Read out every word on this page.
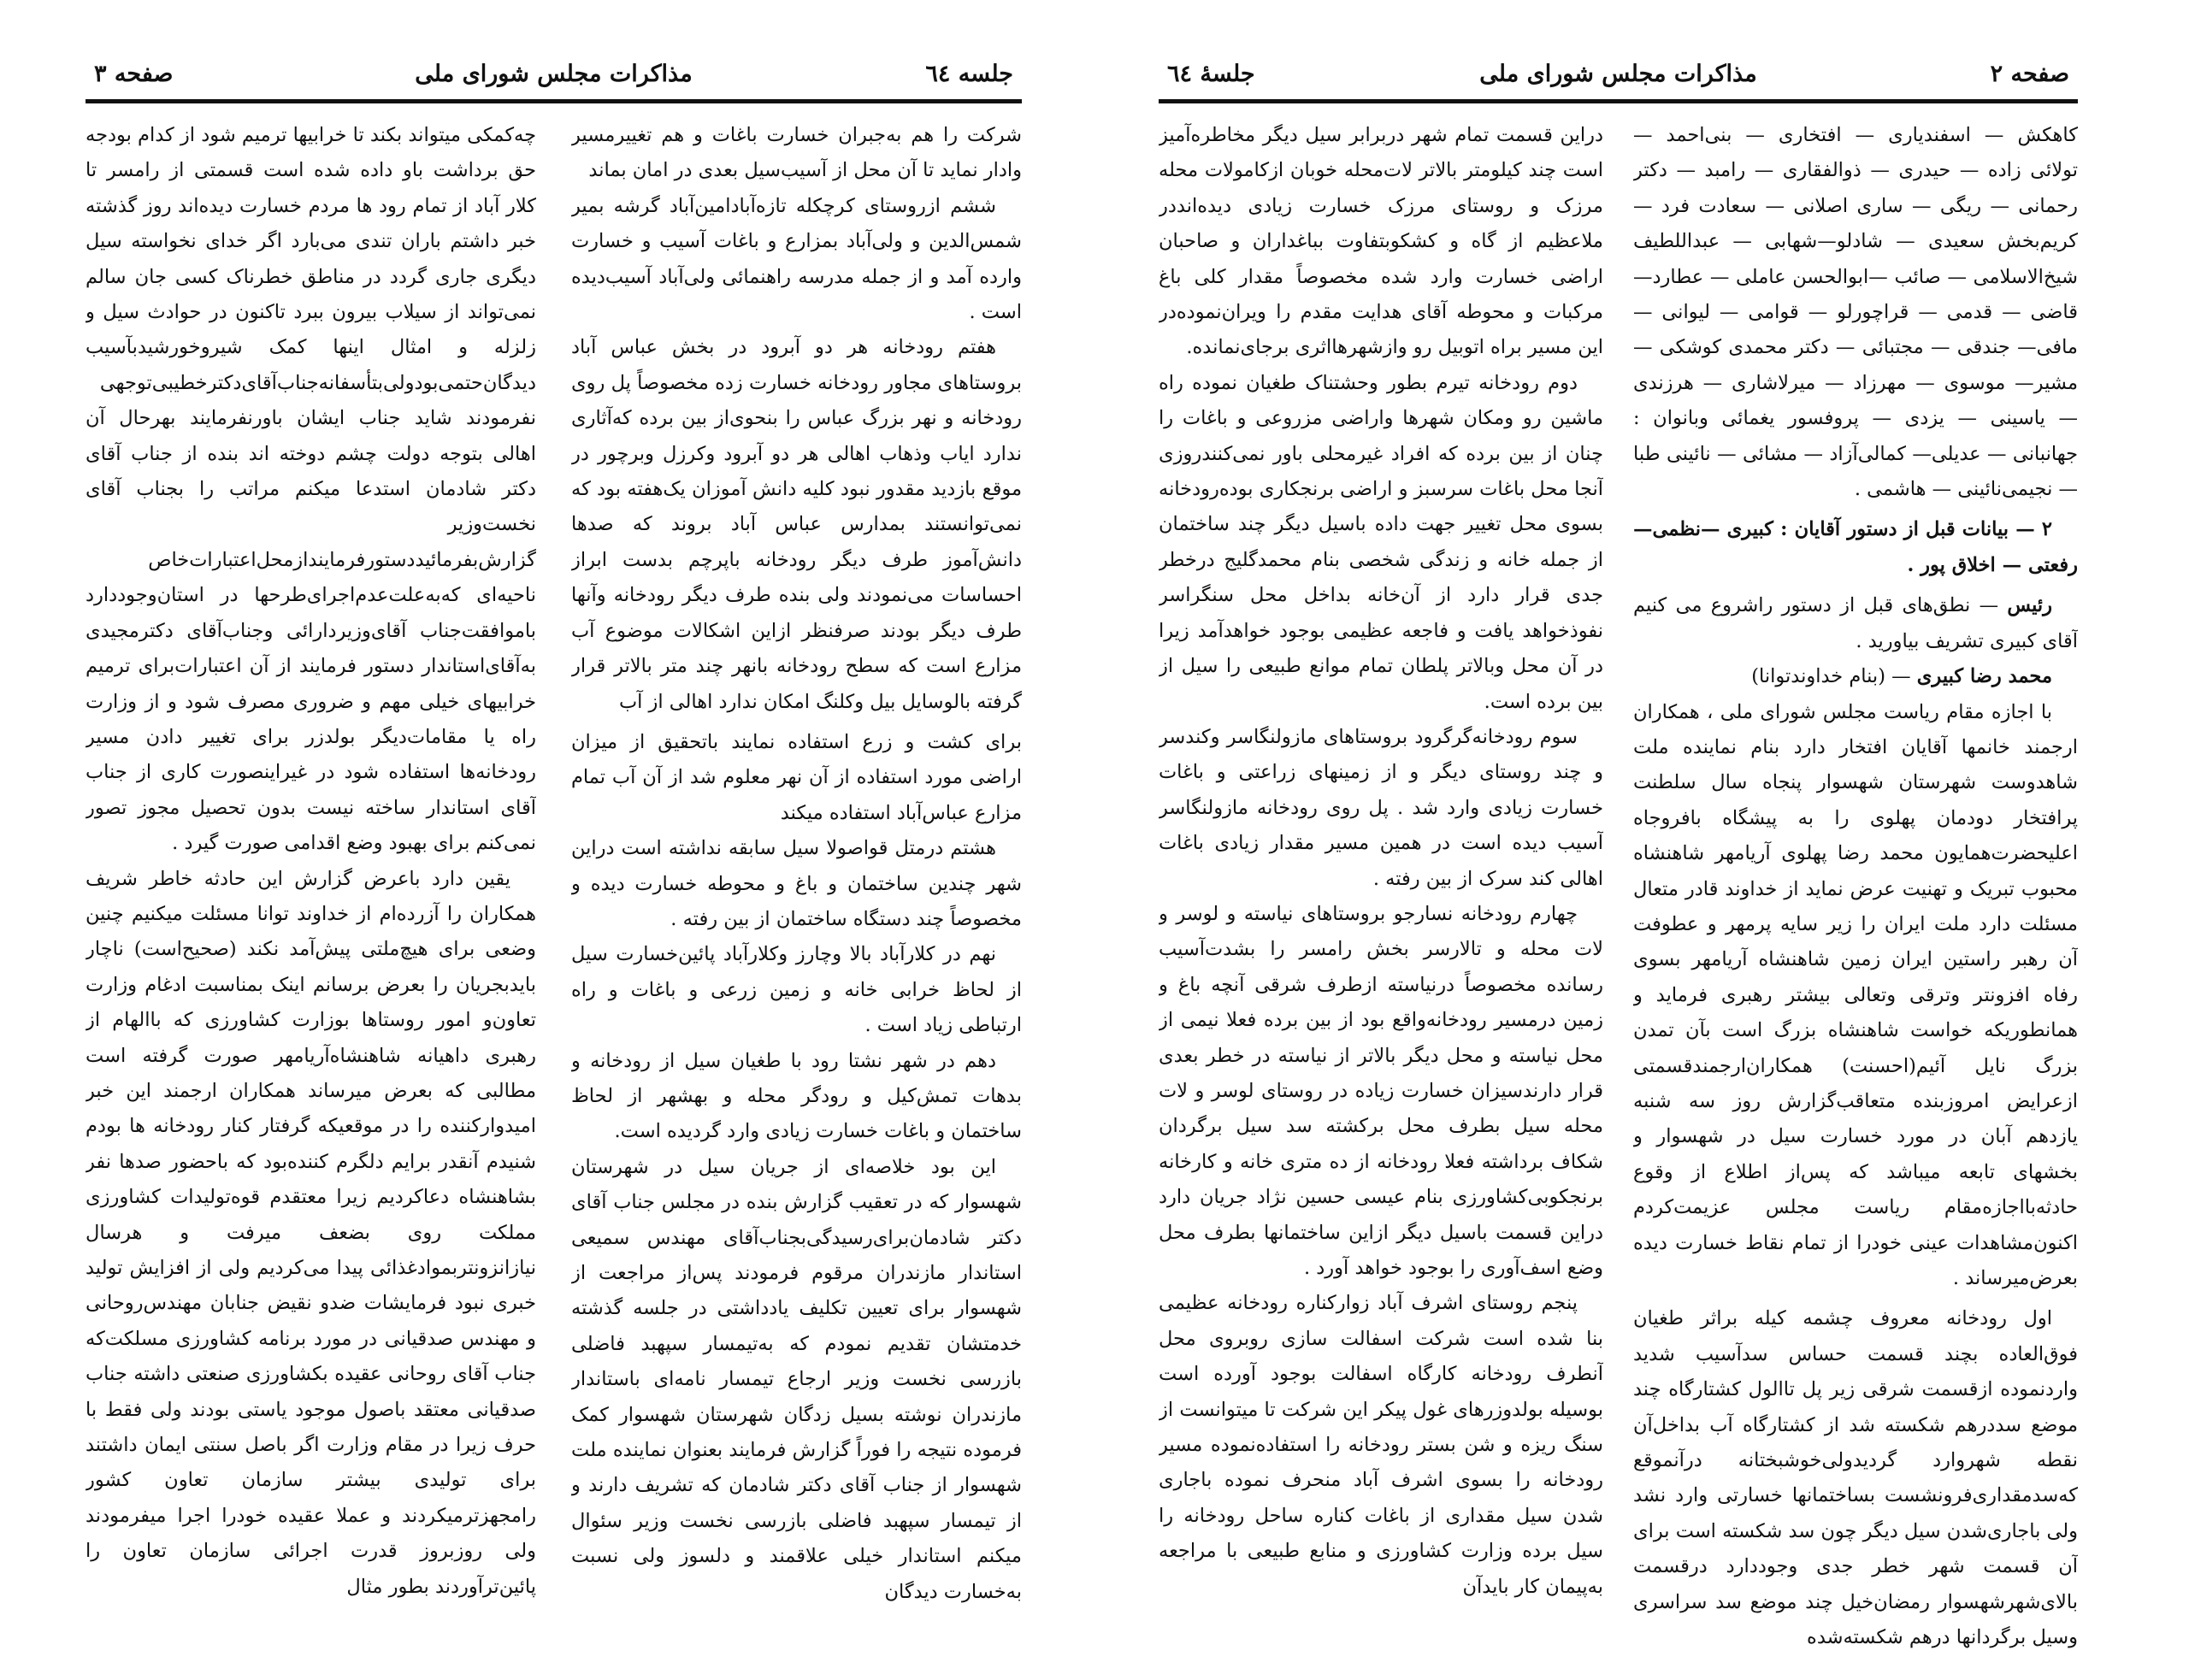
جلسه ٦٤
مذاکرات مجلس شورای ملی
صفحه ٣

شرکت را هم به‌جبران خسارت باغات و هم تغییرمسیر وادار نماید تا آن محل از آسیب‌سیل بعدی در امان بماند

ششم ازروستای کرچکله تازه‌آبادامین‌آباد گرشه بمیر شمس‌الدین و ولی‌آباد بمزارع و باغات آسیب و خسارت وارده آمد و از جمله مدرسه راهنمائی ولی‌آباد آسیب‌دیده است .

هفتم رودخانه هر دو آبرود در بخش عباس آباد بروستاهای مجاور رودخانه خسارت زده مخصوصاً پل روی رودخانه و نهر بزرگ عباس را بنحوی‌از بین برده که‌آثاری ندارد ایاب وذهاب اهالی هر دو آبرود وکرزل وبرچور در موقع بازدید مقدور نبود کلیه دانش آموزان یک‌هفته بود که نمی‌توانستند بمدارس عباس آباد بروند که صدها دانش‌آموز طرف دیگر رودخانه باپرچم بدست ابراز احساسات می‌نمودند ولی بنده طرف دیگر رودخانه وآنها طرف دیگر بودند صرفنظر ازاین اشکالات موضوع آب مزارع است که سطح رودخانه بانهر چند متر بالاتر قرار گرفته بالوسایل بیل وکلنگ امکان ندارد اهالی از آب

برای کشت و زرع استفاده نمایند باتحقیق از میزان اراضی مورد استفاده از آن نهر معلوم شد از آن آب تمام مزارع عباس‌آباد استفاده میکند

هشتم درمتل قواصولا سیل سابقه نداشته است دراین شهر چندین ساختمان و باغ و محوطه خسارت دیده و مخصوصاً چند دستگاه ساختمان از بین رفته .

نهم در کلارآباد بالا وچارز وکلارآباد پائین‌خسارت سیل از لحاظ خرابی خانه و زمین زرعی و باغات و راه ارتباطی زیاد است .

دهم در شهر نشتا رود با طغیان سیل از رودخانه و بدهات تمش‌کیل و رودگر محله و بهشهر از لحاظ ساختمان و باغات خسارت زیادی وارد گردیده است.

این بود خلاصه‌ای از جریان سیل در شهرستان شهسوار که در تعقیب گزارش بنده در مجلس جناب آقای دکتر شادمان‌برای‌رسیدگی‌بجناب‌آقای مهندس سمیعی استاندار مازندران مرقوم فرمودند پس‌از مراجعت از شهسوار برای تعیین تکلیف یادداشتی در جلسه گذشته خدمتشان تقدیم نمودم که به‌تیمسار سپهبد فاضلی بازرسی نخست وزیر ارجاع تیمسار نامه‌ای باستاندار مازندران نوشته بسیل زدگان شهرستان شهسوار کمک فرموده نتیجه را فوراً گزارش فرمایند بعنوان نماینده ملت شهسوار از جناب آقای دکتر شادمان که تشریف دارند و از تیمسار سپهبد فاضلی بازرسی نخست وزیر سئوال میکنم استاندار خیلی علاقمند و دلسوز ولی نسبت به‌خسارت دیدگان

چه‌کمکی میتواند بکند تا خرابیها ترمیم شود از کدام بودجه حق برداشت باو داده شده است قسمتی از رامسر تا کلار آباد از تمام رود ها مردم خسارت دیده‌اند روز گذشته خبر داشتم باران تندی می‌بارد اگر خدای نخواسته سیل دیگری جاری گردد در مناطق خطرناک کسی جان سالم نمی‌تواند از سیلاب بیرون ببرد تاکنون در حوادث سیل و زلزله و امثال اینها کمک شیروخورشیدبآسیب دیدگان‌حتمی‌بودولی‌بتأسفانه‌جناب‌آقای‌دکترخطیبی‌توجهی نفرمودند شاید جناب ایشان باورنفرمایند بهرحال آن اهالی بتوجه دولت چشم دوخته اند بنده از جناب آقای دکتر شادمان استدعا میکنم مراتب را بجناب آقای نخست‌وزیر گزارش‌بفرمائیددستورفرمایندازمحل‌اعتبارات‌خاص ناحیه‌ای که‌به‌علت‌عدم‌اجرای‌طرحها در استان‌وجوددارد باموافقت‌جناب آقای‌وزیردارائی وجناب‌آقای دکترمجیدی به‌آقای‌استاندار دستور فرمایند از آن اعتبارات‌برای ترمیم خرابیهای خیلی مهم و ضروری مصرف شود و از وزارت راه یا مقامات‌دیگر بولدزر برای تغییر دادن مسیر رودخانه‌ها استفاده شود در غیراینصورت کاری از جناب آقای استاندار ساخته نیست بدون تحصیل مجوز تصور نمی‌کنم برای بهبود وضع اقدامی صورت گیرد .

یقین دارد باعرض گزارش این حادثه خاطر شریف همکاران را آزرده‌ام از خداوند توانا مسئلت میکنیم چنین وضعی برای هیچ‌ملتی پیش‌آمد نکند (صحیح‌است) ناچار بایدبجریان را بعرض برسانم اینک بمناسبت ادغام وزارت تعاون‌و امور روستاها بوزارت کشاورزی که باالهام از رهبری داهیانه شاهنشاه‌آریامهر صورت گرفته است مطالبی که بعرض میرساند همکاران ارجمند این خبر امیدوارکننده را در موقعیکه گرفتار کنار رودخانه ها بودم شنیدم آنقدر برایم دلگرم کننده‌بود که باحضور صدها نفر بشاهنشاه دعا‌کردیم زیرا معتقدم قوه‌تولیدات کشاورزی مملکت روی بضعف میرفت و هرسال نیازانزونتربمواد‌غذائی پیدا می‌کردیم ولی از افزایش تولید خبری نبود فرمایشات ضدو نقیض جنابان مهندس‌روحانی و مهندس صدقیانی در مورد برنامه کشاورزی مسلکت‌که جناب آقای روحانی عقیده بکشاورزی صنعتی داشته جناب صدقیانی معتقد باصول موجود یاستی بودند ولی فقط با حرف زیرا در مقام وزارت اگر باصل سنتی ایمان داشتند برای تولیدی بیشتر سازمان تعاون کشور رامجهزترمیکردند و عملا عقیده خودرا اجرا میفرمودند ولی روزبروز قدرت اجرائی سازمان تعاون را پائین‌ترآوردند بطور مثال

صفحه ٢
مذاکرات مجلس شورای ملی
جلسهٔ ٦٤

کاهکش — اسفندیاری — افتخاری — بنی‌احمد — تولائی زاده — حیدری — ذوالفقاری — رامبد — دکتر رحمانی — ریگی — ساری اصلانی — سعادت فرد — کریم‌بخش سعیدی — شادلو‌—شهابی — عبداللطیف شیخ‌الاسلامی — صائب —ابوالحسن عاملی — عطارد— قاضی — قدمی — قراچورلو — قوامی — لیوانی — مافی— جندقی — مجتبائی — دکتر محمدی کوشکی — مشیر— موسوی — مهرزاد — میرلاشاری — هرزندی — یاسینی — یزدی — پروفسور یغمائی وبانوان : جهانبانی — عدیلی— کمالی‌آزاد — مشائی — نائینی طبا — نجیمی‌نائینی — هاشمی .

۲ — بیانات قبل از دستور آقایان : کبیری —نظمی— رفعتی — اخلاق پور .

رئیس — نطق‌های قبل از دستور راشروع می کنیم آقای کبیری تشریف بیاورید .

محمد رضا کبیری — (بنام خداوندتوانا)

با اجازه مقام ریاست مجلس شورای ملی ، همکاران ارجمند خانمها آقایان افتخار دارد بنام نماینده ملت شاهدوست شهرستان شهسوار پنجاه سال سلطنت پرافتخار دودمان پهلوی را به پیشگاه بافروجاه اعلیحضرت‌همایون محمد رضا پهلوی آریامهر شاهنشاه محبوب تبریک و تهنیت عرض نماید از خداوند قادر متعال مسئلت دارد ملت ایران را زیر سایه پرمهر و عطوفت آن رهبر راستین ایران زمین شاهنشاه آریامهر بسوی رفاه افزونتر وترقی وتعالی بیشتر رهبری فرماید و همانطوریکه خواست شاهنشاه بزرگ است بآن تمدن بزرگ نایل آئیم(احسنت) همکاران‌ارجمندقسمتی ازعرایض امروزبنده متعاقب‌گزارش روز سه شنبه یازدهم آبان در مورد خسارت سیل در شهسوار و بخشهای تابعه میباشد که پس‌از اطلاع از وقوع حادثه‌بااجازه‌مقام ریاست مجلس عزیمت‌کردم اکنون‌مشاهدات عینی خودرا از تمام نقاط خسارت دیده بعرض‌میرساند .

اول رودخانه معروف چشمه کیله براثر طغیان فوق‌العاده بچند قسمت حساس سدآسیب شدید واردنموده ازقسمت شرقی زیر پل تاالول کشتارگاه چند موضع سددرهم شکسته شد از کشتارگاه آب بداخل‌آن نقطه شهروارد گردیدولی‌خوشبختانه درآنموقع که‌سدمقداری‌فرونشست بساختمانها خسارتی وارد نشد ولی باجاری‌شدن سیل دیگر چون سد شکسته است برای آن قسمت شهر خطر جدی وجوددارد درقسمت بالای‌شهرشهسوار رمضان‌خیل چند موضع سد سراسری وسیل برگردانها درهم شکسته‌شده

دراین قسمت تمام شهر دربرابر سیل دیگر مخاطره‌آمیز است چند کیلومتر بالاتر لات‌محله خوبان ازکامولات محله مرزک و روستای مرزک خسارت زیادی دیده‌انددر ملاعظیم از گاه و کشکوبتفاوت بباغداران و صاحبان اراضی خسارت وارد شده مخصوصاً مقدار کلی باغ مرکبات و محوطه آقای هدایت مقدم را ویران‌نموده‌در این مسیر براه اتوبیل رو وازشهرها‌اثری برجای‌نمانده.

دوم رودخانه تیرم بطور وحشتناک طغیان نموده راه ماشین رو ومکان شهرها واراضی مزروعی و باغات را چنان از بین برده که افراد غیرمحلی باور نمی‌کنندروزی آنجا محل باغات سرسبز و اراضی برنجکاری بوده‌رودخانه بسوی محل تغییر جهت داده باسیل دیگر چند ساختمان از جمله خانه و زندگی شخصی بنام محمدگلیج درخطر جدی قرار دارد از آن‌خانه بداخل محل سنگراسر نفوذخواهد یافت و فاجعه عظیمی بوجود خواهدآمد زیرا در آن محل وبالاتر پلطان تمام موانع طبیعی را سیل از بین برده است.

سوم رودخانه‌گرگرود بروستاهای مازولنگاسر وکندسر و چند روستای دیگر و از زمینهای زراعتی و باغات خسارت زیادی وارد شد . پل روی رودخانه مازولنگاسر آسیب دیده است در همین مسیر مقدار زیادی باغات اهالی کند سرک از بین رفته .

چهارم رودخانه نسارجو بروستاهای نیاسته و لوسر و لات محله و تالارسر بخش رامسر را بشدت‌آسیب رسانده مخصوصاً درنیاسته ازطرف شرقی آنچه باغ و زمین درمسیر رودخانه‌واقع بود از بین برده فعلا نیمی از محل نیاسته و محل دیگر بالاتر از نیاسته در خطر بعدی قرار دارندسیزان خسارت زیاده در روستای لوسر و لات محله سیل بطرف محل برکشته سد سیل برگردان شکاف برداشته فعلا رودخانه از ده متری خانه و کارخانه برنجکوبی‌کشاورزی بنام عیسی حسین نژاد جریان دارد دراین قسمت باسیل دیگر ازاین ساختمانها بطرف محل وضع اسف‌آوری را بوجود خواهد آورد .

پنجم روستای اشرف آباد زوارکناره رودخانه عظیمی بنا شده است شرکت اسفالت سازی روبروی محل آنطرف رودخانه کارگاه اسفالت بوجود آورده است بوسیله بولدوزرهای غول پیکر این شرکت تا میتوانست از سنگ ریزه و شن بستر رودخانه را استفاده‌نموده مسیر رودخانه را بسوی اشرف آباد منحرف نموده باجاری شدن سیل مقداری از باغات کناره ساحل رودخانه را سیل برده وزارت کشاورزی و منابع طبیعی با مراجعه به‌پیمان کار بایدآن
